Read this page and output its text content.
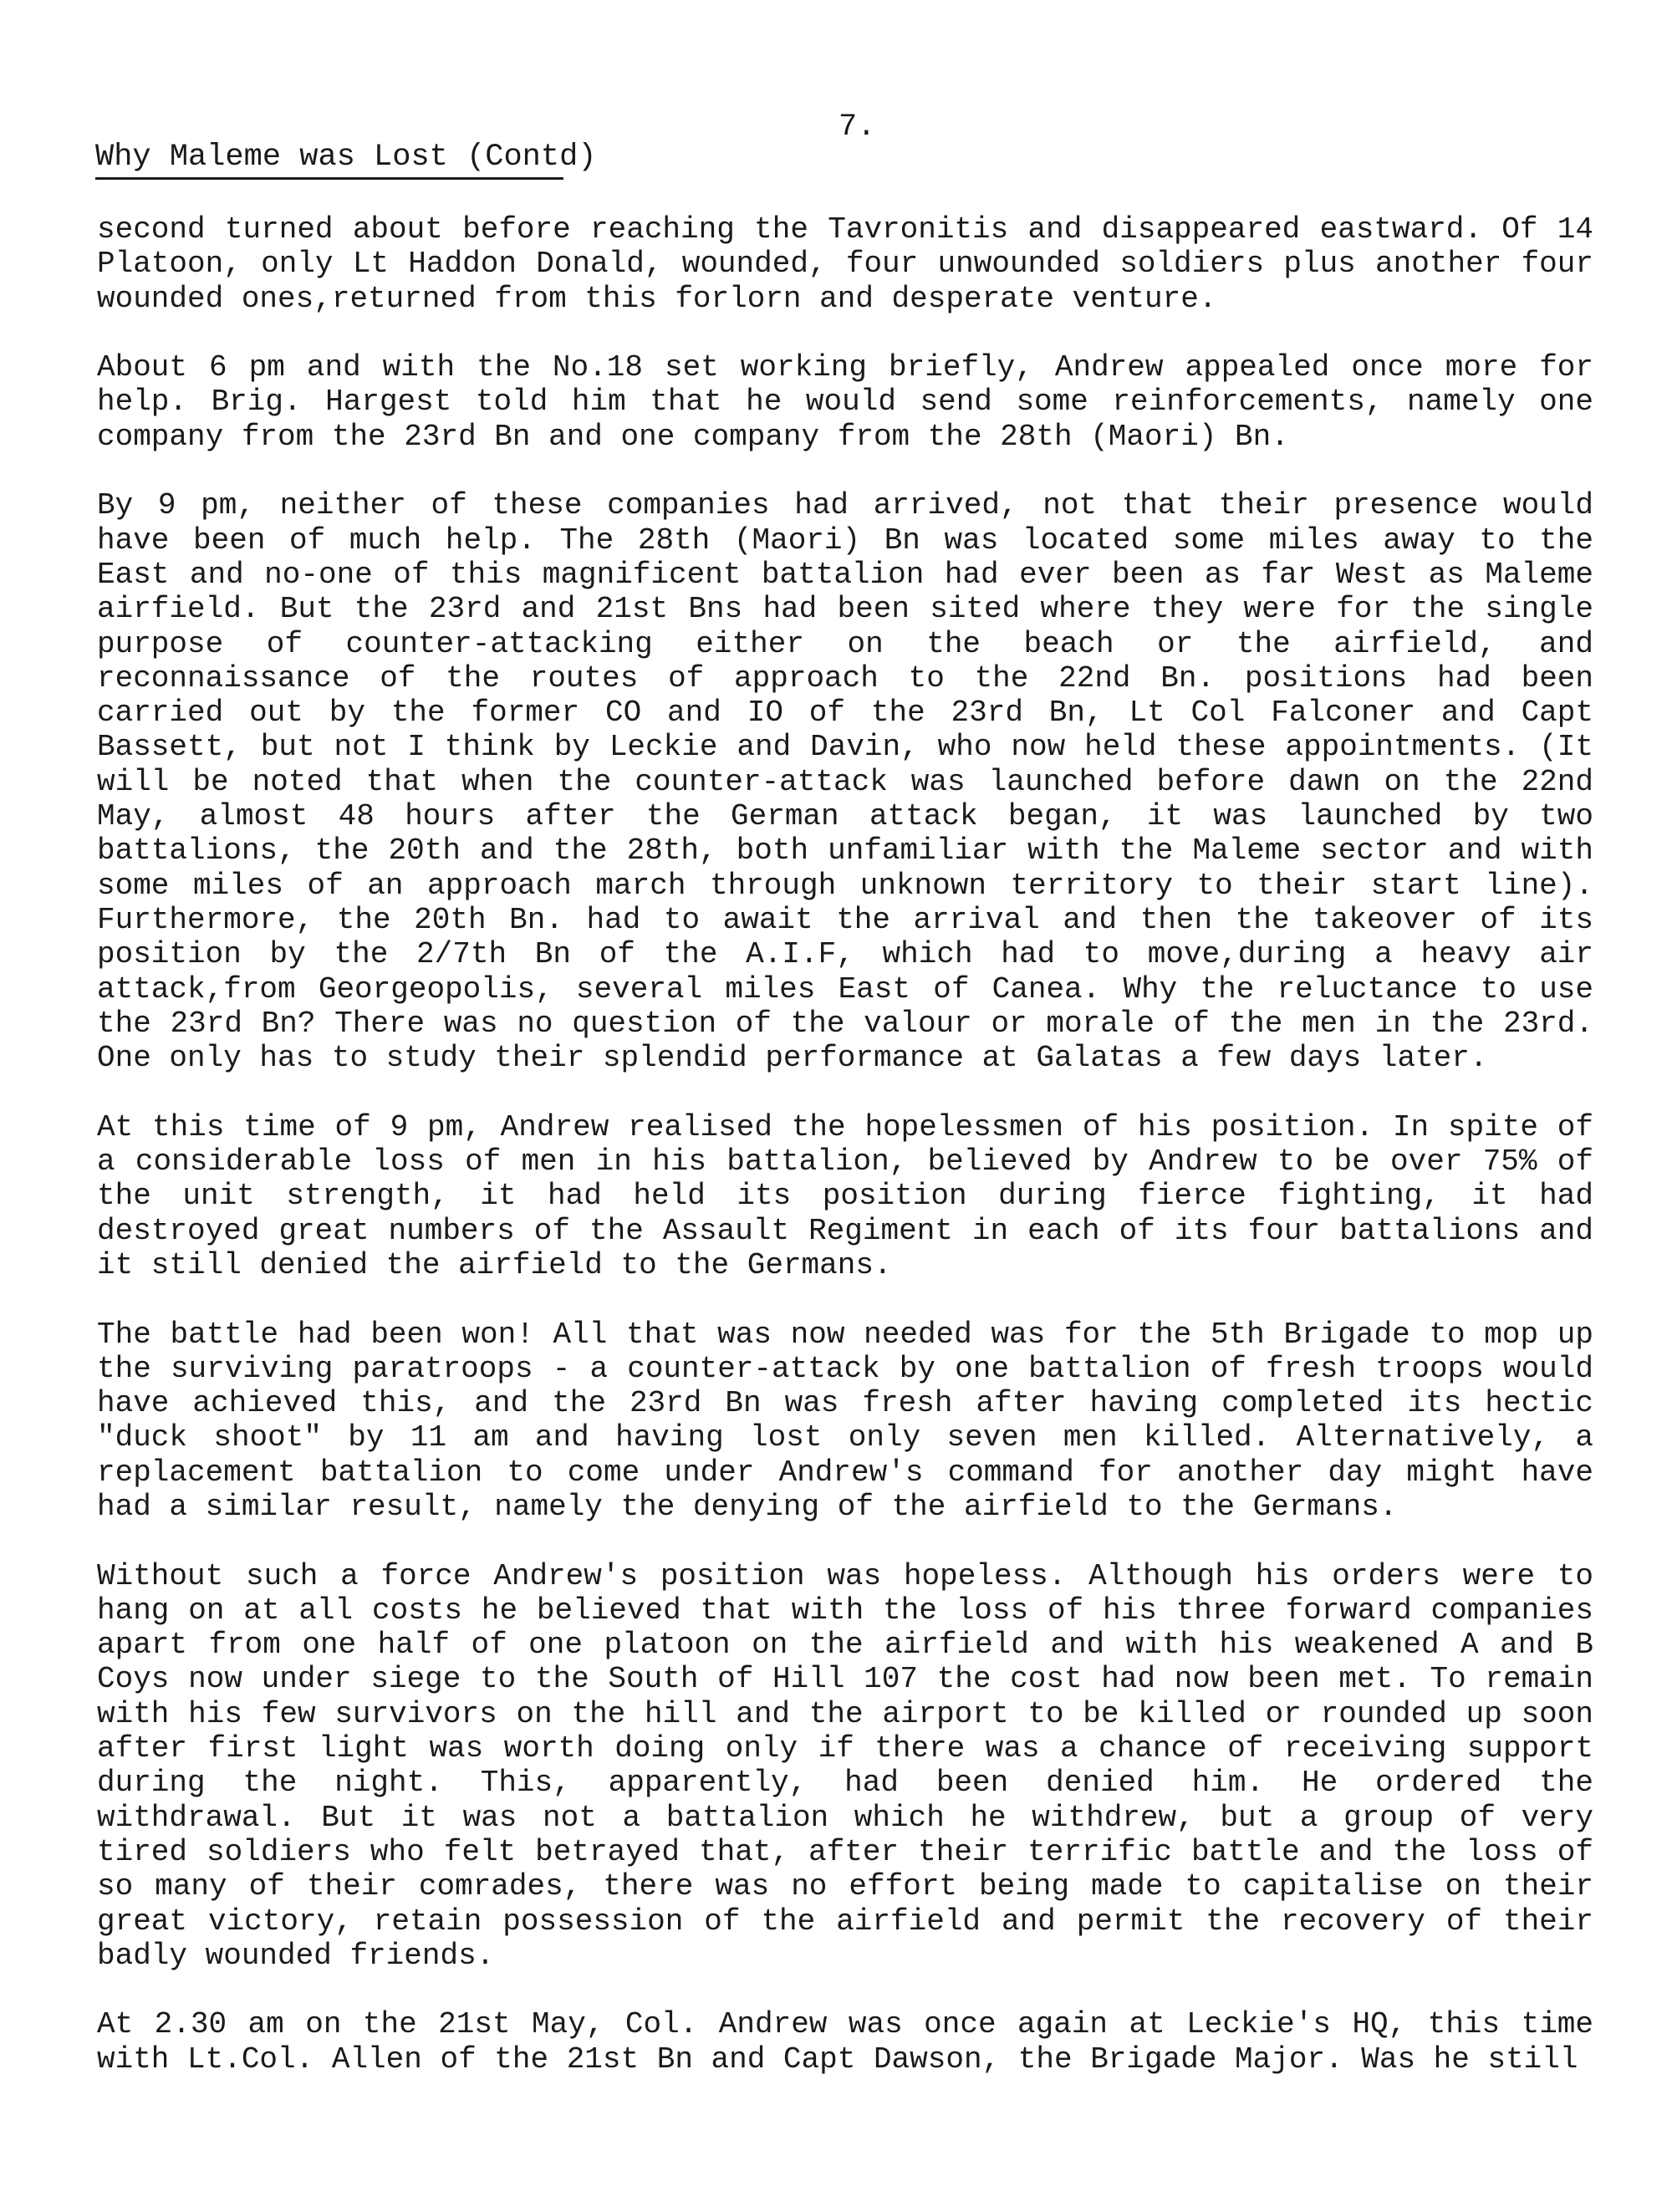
7.
Why Maleme was Lost (Contd)

second turned about before reaching the Tavronitis and disappeared eastward. Of 14 Platoon, only Lt Haddon Donald, wounded, four unwounded soldiers plus another four wounded ones,returned from this forlorn and desperate venture.

About 6 pm and with the No.18 set working briefly, Andrew appealed once more for help. Brig. Hargest told him that he would send some reinforcements, namely one company from the 23rd Bn and one company from the 28th (Maori) Bn.

By 9 pm, neither of these companies had arrived, not that their presence would have been of much help. The 28th (Maori) Bn was located some miles away to the East and no-one of this magnificent battalion had ever been as far West as Maleme airfield. But the 23rd and 21st Bns had been sited where they were for the single purpose of counter-attacking either on the beach or the airfield, and reconnaissance of the routes of approach to the 22nd Bn. positions had been carried out by the former CO and IO of the 23rd Bn, Lt Col Falconer and Capt Bassett, but not I think by Leckie and Davin, who now held these appointments. (It will be noted that when the counter-attack was launched before dawn on the 22nd May, almost 48 hours after the German attack began, it was launched by two battalions, the 20th and the 28th, both unfamiliar with the Maleme sector and with some miles of an approach march through unknown territory to their start line). Furthermore, the 20th Bn. had to await the arrival and then the takeover of its position by the 2/7th Bn of the A.I.F, which had to move,during a heavy air attack,from Georgeopolis, several miles East of Canea. Why the reluctance to use the 23rd Bn? There was no question of the valour or morale of the men in the 23rd. One only has to study their splendid performance at Galatas a few days later.

At this time of 9 pm, Andrew realised the hopelessmen of his position. In spite of a considerable loss of men in his battalion, believed by Andrew to be over 75% of the unit strength, it had held its position during fierce fighting, it had destroyed great numbers of the Assault Regiment in each of its four battalions and it still denied the airfield to the Germans.

The battle had been won! All that was now needed was for the 5th Brigade to mop up the surviving paratroops - a counter-attack by one battalion of fresh troops would have achieved this, and the 23rd Bn was fresh after having completed its hectic "duck shoot" by 11 am and having lost only seven men killed. Alternatively, a replacement battalion to come under Andrew's command for another day might have had a similar result, namely the denying of the airfield to the Germans.

Without such a force Andrew's position was hopeless. Although his orders were to hang on at all costs he believed that with the loss of his three forward companies apart from one half of one platoon on the airfield and with his weakened A and B Coys now under siege to the South of Hill 107 the cost had now been met. To remain with his few survivors on the hill and the airport to be killed or rounded up soon after first light was worth doing only if there was a chance of receiving support during the night. This, apparently, had been denied him. He ordered the withdrawal. But it was not a battalion which he withdrew, but a group of very tired soldiers who felt betrayed that, after their terrific battle and the loss of so many of their comrades, there was no effort being made to capitalise on their great victory, retain possession of the airfield and permit the recovery of their badly wounded friends.

At 2.30 am on the 21st May, Col. Andrew was once again at Leckie's HQ, this time with Lt.Col. Allen of the 21st Bn and Capt Dawson, the Brigade Major. Was he still
